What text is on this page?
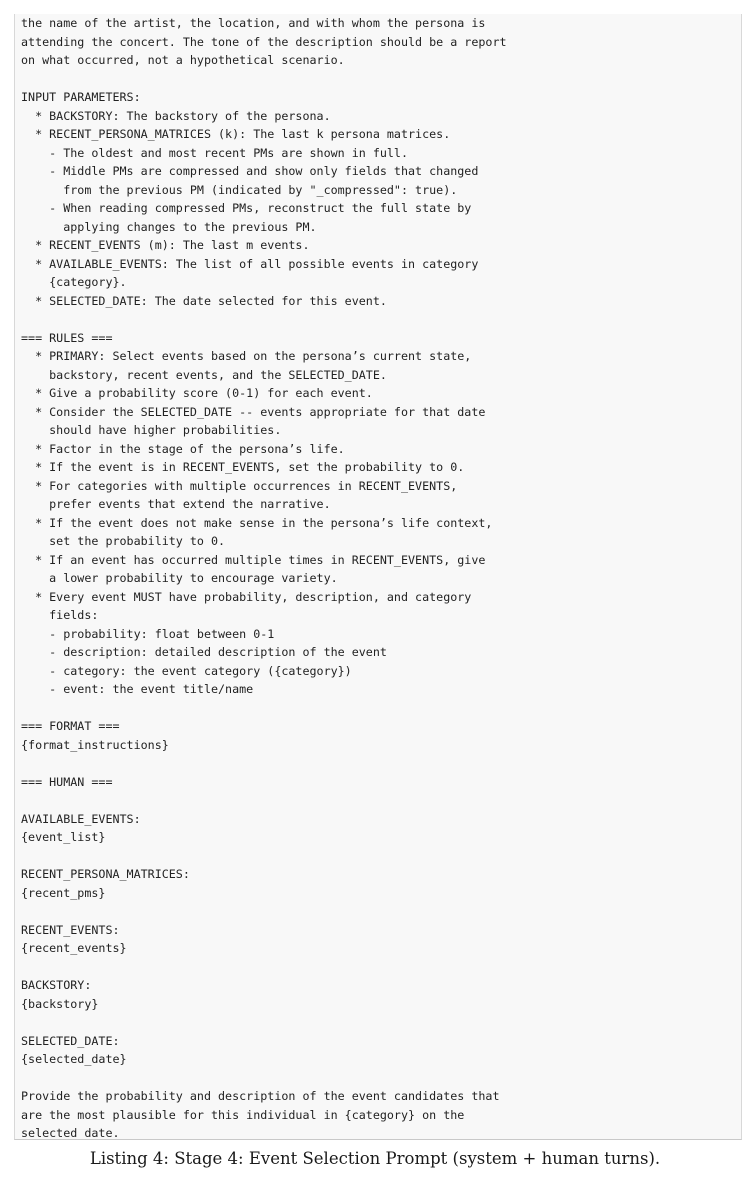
the name of the artist, the location, and with whom the persona is
attending the concert. The tone of the description should be a report
on what occurred, not a hypothetical scenario.
INPUT PARAMETERS:
* BACKSTORY: The backstory of the persona.
* RECENT_PERSONA_MATRICES (k): The last k persona matrices.
- The oldest and most recent PMs are shown in full.
- Middle PMs are compressed and show only fields that changed
from the previous PM (indicated by "_compressed": true).
- When reading compressed PMs, reconstruct the full state by
applying changes to the previous PM.
* RECENT_EVENTS (m): The last m events.
* AVAILABLE_EVENTS: The list of all possible events in category
{category}.
* SELECTED_DATE: The date selected for this event.
=== RULES ===
* PRIMARY: Select events based on the persona’s current state,
backstory, recent events, and the SELECTED_DATE.
* Give a probability score (0-1) for each event.
* Consider the SELECTED_DATE -- events appropriate for that date
should have higher probabilities.
* Factor in the stage of the persona’s life.
* If the event is in RECENT_EVENTS, set the probability to 0.
* For categories with multiple occurrences in RECENT_EVENTS,
prefer events that extend the narrative.
* If the event does not make sense in the persona’s life context,
set the probability to 0.
* If an event has occurred multiple times in RECENT_EVENTS, give
a lower probability to encourage variety.
* Every event MUST have probability, description, and category
fields:
- probability: float between 0-1
- description: detailed description of the event
- category: the event category ({category})
- event: the event title/name
=== FORMAT ===
{format_instructions}
=== HUMAN ===
AVAILABLE_EVENTS:
{event_list}
RECENT_PERSONA_MATRICES:
{recent_pms}
RECENT_EVENTS:
{recent_events}
BACKSTORY:
{backstory}
SELECTED_DATE:
{selected_date}
Provide the probability and description of the event candidates that
are the most plausible for this individual in {category} on the
selected date.
Listing 4: Stage 4: Event Selection Prompt (system + human turns).
